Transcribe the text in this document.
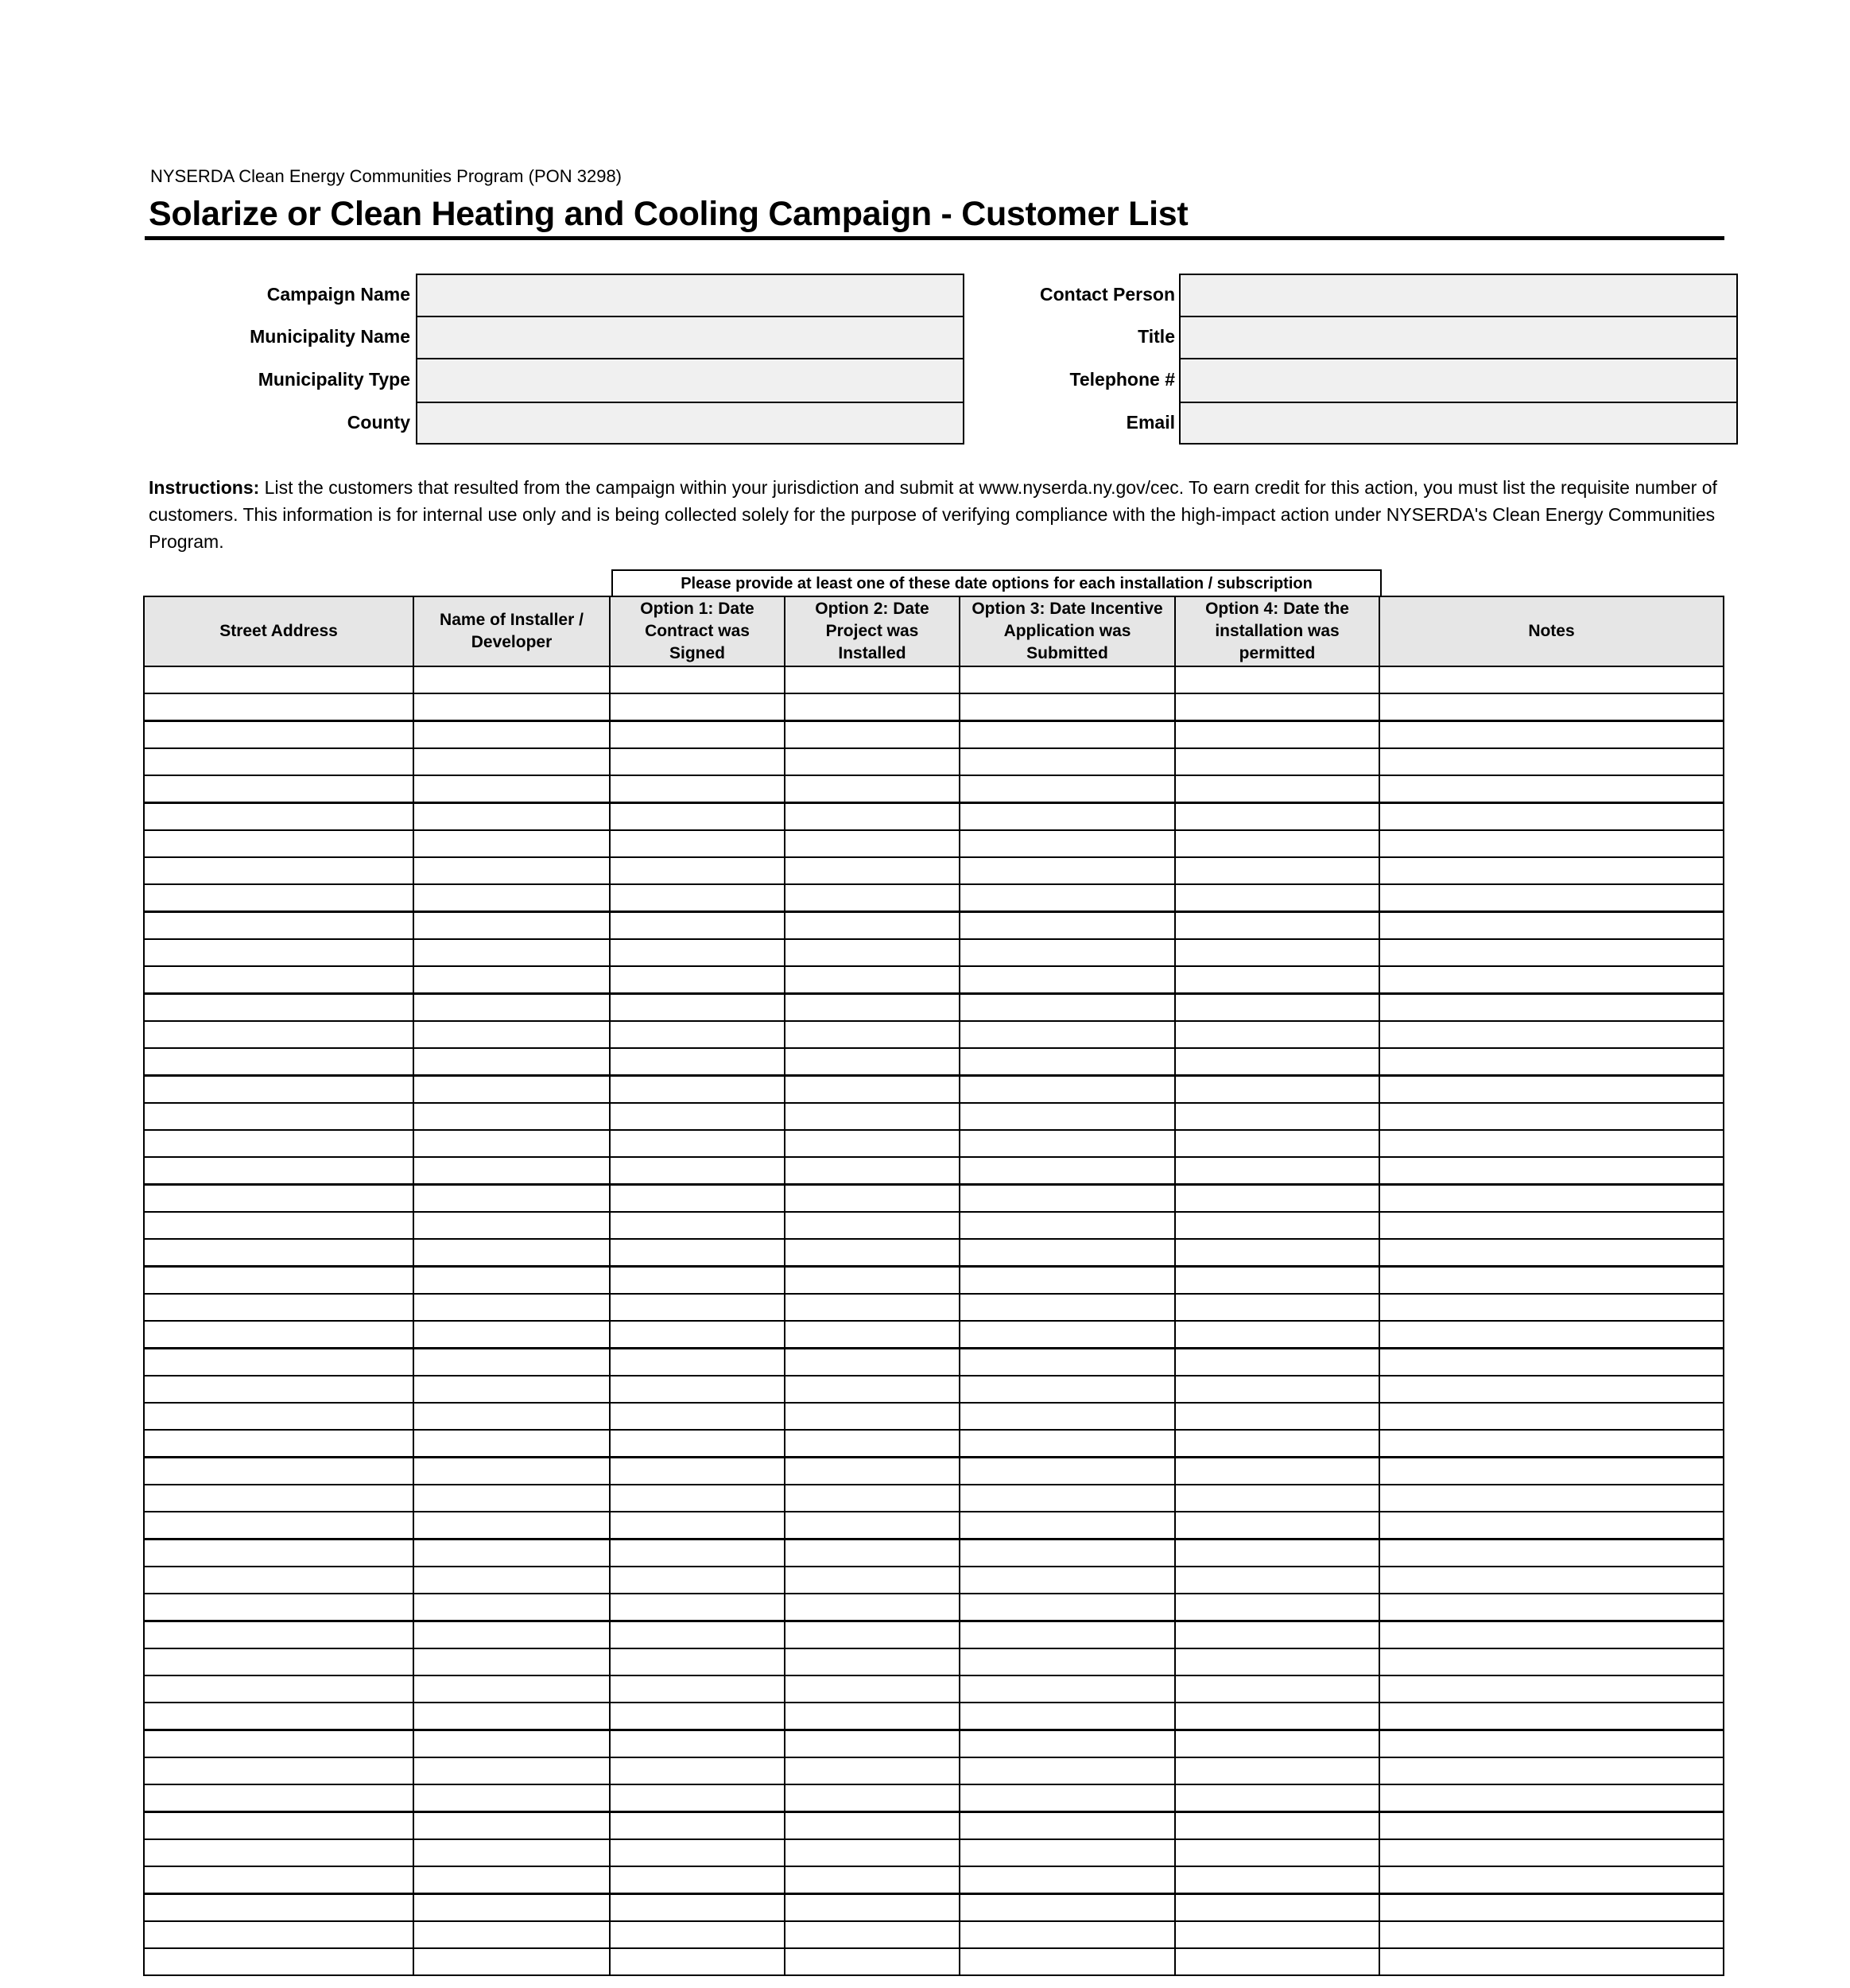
NYSERDA Clean Energy Communities Program (PON 3298)
Solarize or Clean Heating and Cooling Campaign - Customer List
Campaign Name
Municipality Name
Municipality Type
County
Contact Person
Title
Telephone #
Email
Instructions: List the customers that resulted from the campaign within your jurisdiction and submit at www.nyserda.ny.gov/cec. To earn credit for this action, you must list the requisite number of customers. This information is for internal use only and is being collected solely for the purpose of verifying compliance with the high-impact action under NYSERDA's Clean Energy Communities Program.
Please provide at least one of these date options for each installation / subscription
Street Address
Name of Installer / Developer
Option 1: Date Contract was Signed
Option 2: Date Project was Installed
Option 3: Date Incentive Application was Submitted
Option 4: Date the installation was permitted
Notes
